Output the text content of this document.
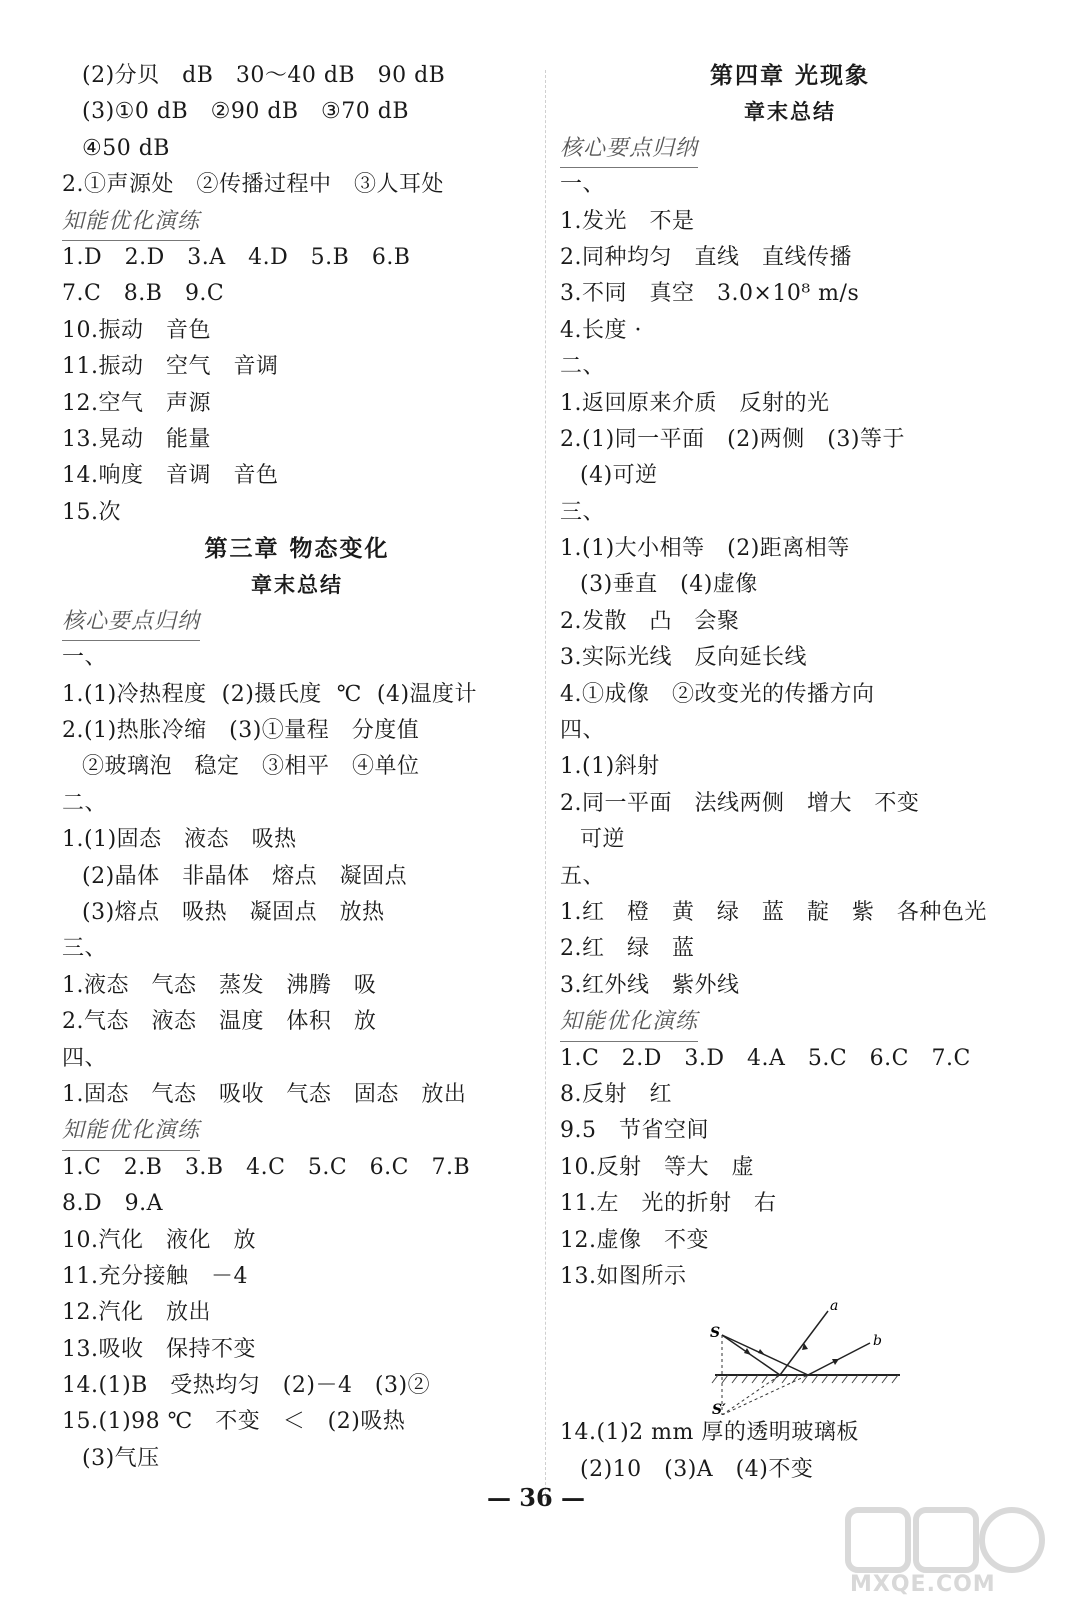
(2)分贝   dB   30～40 dB   90 dB
(3)①0 dB   ②90 dB   ③70 dB
④50 dB
2.①声源处   ②传播过程中   ③人耳处
知能优化演练
1.D   2.D   3.A   4.D   5.B   6.B
7.C   8.B   9.C
10.振动   音色
11.振动   空气   音调
12.空气   声源
13.晃动   能量
14.响度   音调   音色
15.次
第三章 物态变化
章末总结
核心要点归纳
一、
1.(1)冷热程度  (2)摄氏度  ℃  (4)温度计
2.(1)热胀冷缩   (3)①量程   分度值
②玻璃泡   稳定   ③相平   ④单位
二、
1.(1)固态   液态   吸热
(2)晶体   非晶体   熔点   凝固点
(3)熔点   吸热   凝固点   放热
三、
1.液态   气态   蒸发   沸腾   吸
2.气态   液态   温度   体积   放
四、
1.固态   气态   吸收   气态   固态   放出
知能优化演练
1.C   2.B   3.B   4.C   5.C   6.C   7.B
8.D   9.A
10.汽化   液化   放
11.充分接触   －4
12.汽化   放出
13.吸收   保持不变
14.(1)B   受热均匀   (2)－4   (3)②
15.(1)98 ℃   不变   ＜   (2)吸热
(3)气压
第四章 光现象
章末总结
核心要点归纳
一、
1.发光   不是
2.同种均匀   直线   直线传播
3.不同   真空   3.0×10⁸ m/s
4.长度 ·
二、
1.返回原来介质   反射的光
2.(1)同一平面   (2)两侧   (3)等于
(4)可逆
三、
1.(1)大小相等   (2)距离相等
(3)垂直   (4)虚像
2.发散   凸   会聚
3.实际光线   反向延长线
4.①成像   ②改变光的传播方向
四、
1.(1)斜射
2.同一平面   法线两侧   增大   不变
可逆
五、
1.红   橙   黄   绿   蓝   靛   紫   各种色光
2.红   绿   蓝
3.红外线   紫外线
知能优化演练
1.C   2.D   3.D   4.A   5.C   6.C   7.C
8.反射   红
9.5   节省空间
10.反射   等大   虚
11.左   光的折射   右
12.虚像   不变
13.如图所示
S
a
b
S′
14.(1)2 mm 厚的透明玻璃板
(2)10   (3)A   (4)不变
— 36 —
MXQE.COM
